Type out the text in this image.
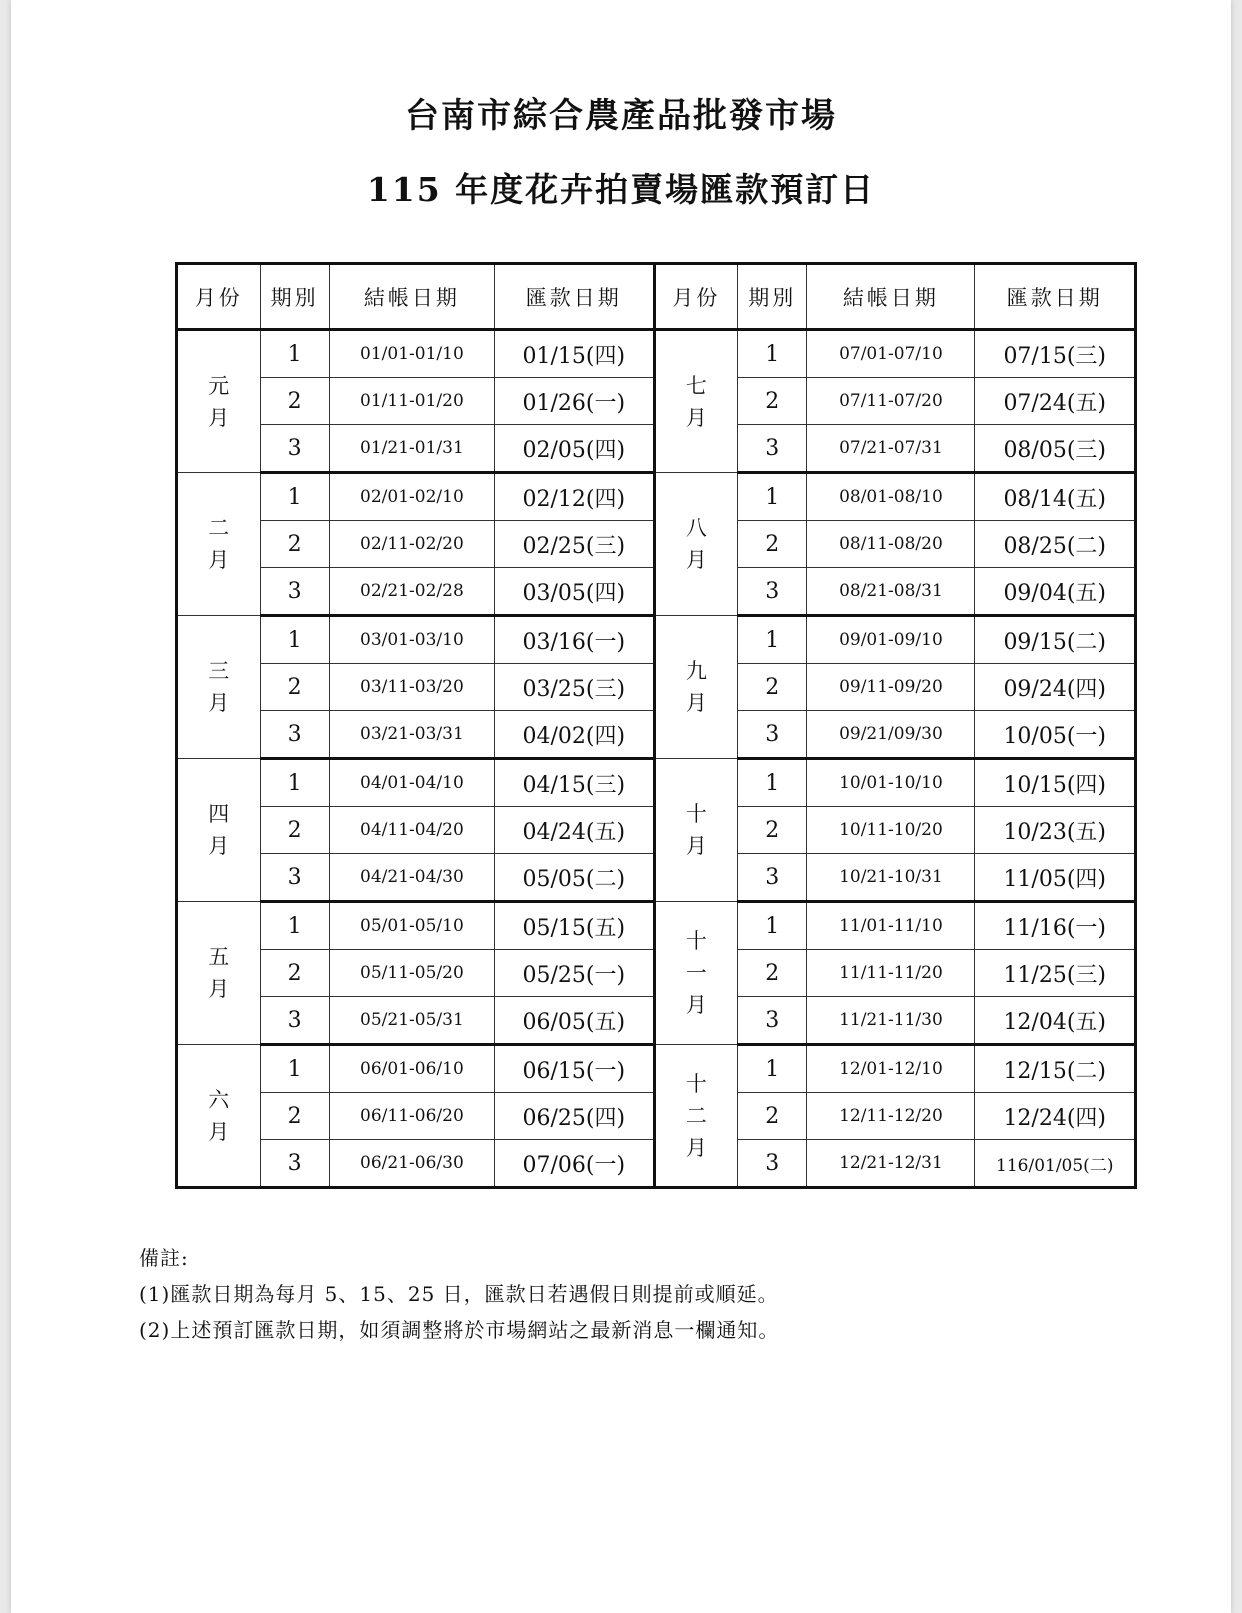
台南市綜合農產品批發市場
115 年度花卉拍賣場匯款預訂日
月份	期別	結帳日期	匯款日期	月份	期別	結帳日期	匯款日期
元月	1	01/01-01/10	01/15(四)	七月	1	07/01-07/10	07/15(三)
	2	01/11-01/20	01/26(一)		2	07/11-07/20	07/24(五)
	3	01/21-01/31	02/05(四)		3	07/21-07/31	08/05(三)
二月	1	02/01-02/10	02/12(四)	八月	1	08/01-08/10	08/14(五)
	2	02/11-02/20	02/25(三)		2	08/11-08/20	08/25(二)
	3	02/21-02/28	03/05(四)		3	08/21-08/31	09/04(五)
三月	1	03/01-03/10	03/16(一)	九月	1	09/01-09/10	09/15(二)
	2	03/11-03/20	03/25(三)		2	09/11-09/20	09/24(四)
	3	03/21-03/31	04/02(四)		3	09/21/09/30	10/05(一)
四月	1	04/01-04/10	04/15(三)	十月	1	10/01-10/10	10/15(四)
	2	04/11-04/20	04/24(五)		2	10/11-10/20	10/23(五)
	3	04/21-04/30	05/05(二)		3	10/21-10/31	11/05(四)
五月	1	05/01-05/10	05/15(五)	十一月	1	11/01-11/10	11/16(一)
	2	05/11-05/20	05/25(一)		2	11/11-11/20	11/25(三)
	3	05/21-05/31	06/05(五)		3	11/21-11/30	12/04(五)
六月	1	06/01-06/10	06/15(一)	十二月	1	12/01-12/10	12/15(二)
	2	06/11-06/20	06/25(四)		2	12/11-12/20	12/24(四)
	3	06/21-06/30	07/06(一)		3	12/21-12/31	116/01/05(二)
備註:
(1)匯款日期為每月 5、15、25 日，匯款日若遇假日則提前或順延。
(2)上述預訂匯款日期，如須調整將於市場網站之最新消息一欄通知。
